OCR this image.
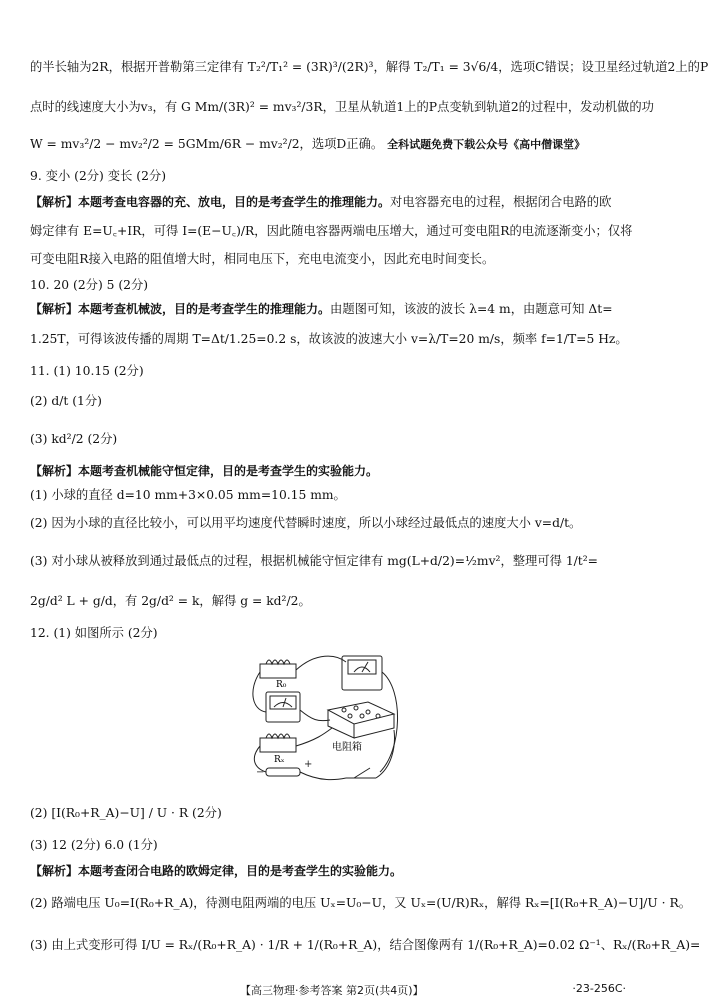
的半长轴为2R，根据开普勒第三定律有 T₂²/T₁² = (3R)³/(2R)³，解得 T₂/T₁ = 3√6/4，选项C错误；设卫星经过轨道2上的P
点时的线速度大小为v₃，有 G Mm/(3R)² = mv₃²/3R，卫星从轨道1上的P点变轨到轨道2的过程中，发动机做的功
W = mv₃²/2 − mv₂²/2 = 5GMm/6R − mv₂²/2，选项D正确。 全科试题免费下载公众号《高中僧课堂》
9. 变小 (2分) 变长 (2分)
【解析】本题考查电容器的充、放电，目的是考查学生的推理能力。对电容器充电的过程，根据闭合电路的欧
姆定律有 E=U꜀+IR，可得 I=(E−U꜀)/R，因此随电容器两端电压增大，通过可变电阻R的电流逐渐变小；仅将
可变电阻R接入电路的阻值增大时，相同电压下，充电电流变小，因此充电时间变长。
10. 20 (2分) 5 (2分)
【解析】本题考查机械波，目的是考查学生的推理能力。由题图可知，该波的波长 λ=4 m，由题意可知 Δt=
1.25T，可得该波传播的周期 T=Δt/1.25=0.2 s，故该波的波速大小 v=λ/T=20 m/s，频率 f=1/T=5 Hz。
11. (1) 10.15 (2分)
(2) d/t (1分)
(3) kd²/2 (2分)
【解析】本题考查机械能守恒定律，目的是考查学生的实验能力。
(1) 小球的直径 d=10 mm+3×0.05 mm=10.15 mm。
(2) 因为小球的直径比较小，可以用平均速度代替瞬时速度，所以小球经过最低点的速度大小 v=d/t。
(3) 对小球从被释放到通过最低点的过程，根据机械能守恒定律有 mg(L+d/2)=½mv²，整理可得 1/t²=
2g/d² L + g/d，有 2g/d² = k，解得 g = kd²/2。
12. (1) 如图所示 (2分)
R₀
Rₓ
电阻箱
−
+
(2) [I(R₀+R_A)−U] / U · R (2分)
(3) 12 (2分) 6.0 (1分)
【解析】本题考查闭合电路的欧姆定律，目的是考查学生的实验能力。
(2) 路端电压 U₀=I(R₀+R_A)，待测电阻两端的电压 Uₓ=U₀−U，又 Uₓ=(U/R)Rₓ，解得 Rₓ=[I(R₀+R_A)−U]/U · R。
(3) 由上式变形可得 I/U = Rₓ/(R₀+R_A) · 1/R + 1/(R₀+R_A)，结合图像两有 1/(R₀+R_A)=0.02 Ω⁻¹、Rₓ/(R₀+R_A)=
【高三物理·参考答案 第2页(共4页)】	·23-256C·
